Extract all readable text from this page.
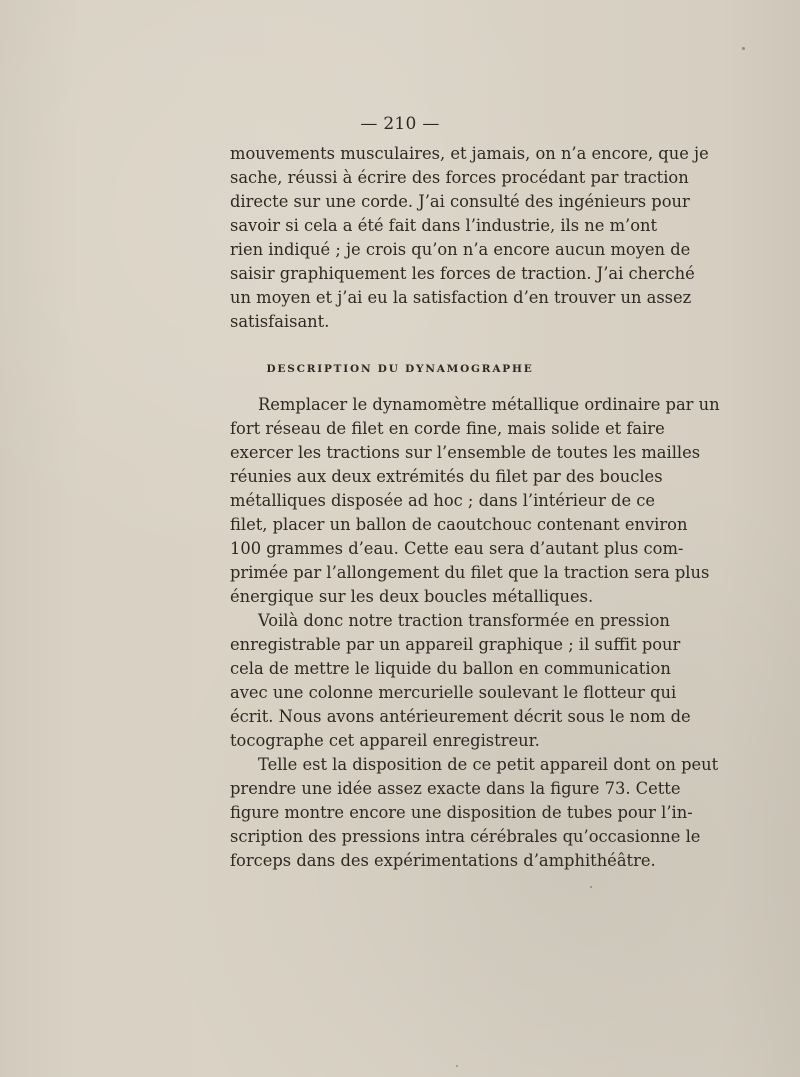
— 210 —
mouvements musculaires, et jamais, on n’a encore, que je
sache, réussi à écrire des forces procédant par traction
directe sur une corde. J’ai consulté des ingénieurs pour
savoir si cela a été fait dans l’industrie, ils ne m’ont
rien indiqué ; je crois qu’on n’a encore aucun moyen de
saisir graphiquement les forces de traction. J’ai cherché
un moyen et j’ai eu la satisfaction d’en trouver un assez
satisfaisant.
DESCRIPTION DU DYNAMOGRAPHE
Remplacer le dynamomètre métallique ordinaire par un
fort réseau de filet en corde fine, mais solide et faire
exercer les tractions sur l’ensemble de toutes les mailles
réunies aux deux extrémités du filet par des boucles
métalliques disposée ad hoc ; dans l’intérieur de ce
filet, placer un ballon de caoutchouc contenant environ
100 grammes d’eau. Cette eau sera d’autant plus com-
primée par l’allongement du filet que la traction sera plus
énergique sur les deux boucles métalliques.
Voilà donc notre traction transformée en pression
enregistrable par un appareil graphique ; il suffit pour
cela de mettre le liquide du ballon en communication
avec une colonne mercurielle soulevant le flotteur qui
écrit. Nous avons antérieurement décrit sous le nom de
tocographe cet appareil enregistreur.
Telle est la disposition de ce petit appareil dont on peut
prendre une idée assez exacte dans la figure 73. Cette
figure montre encore une disposition de tubes pour l’in-
scription des pressions intra cérébrales qu’occasionne le
forceps dans des expérimentations d’amphithéâtre.
